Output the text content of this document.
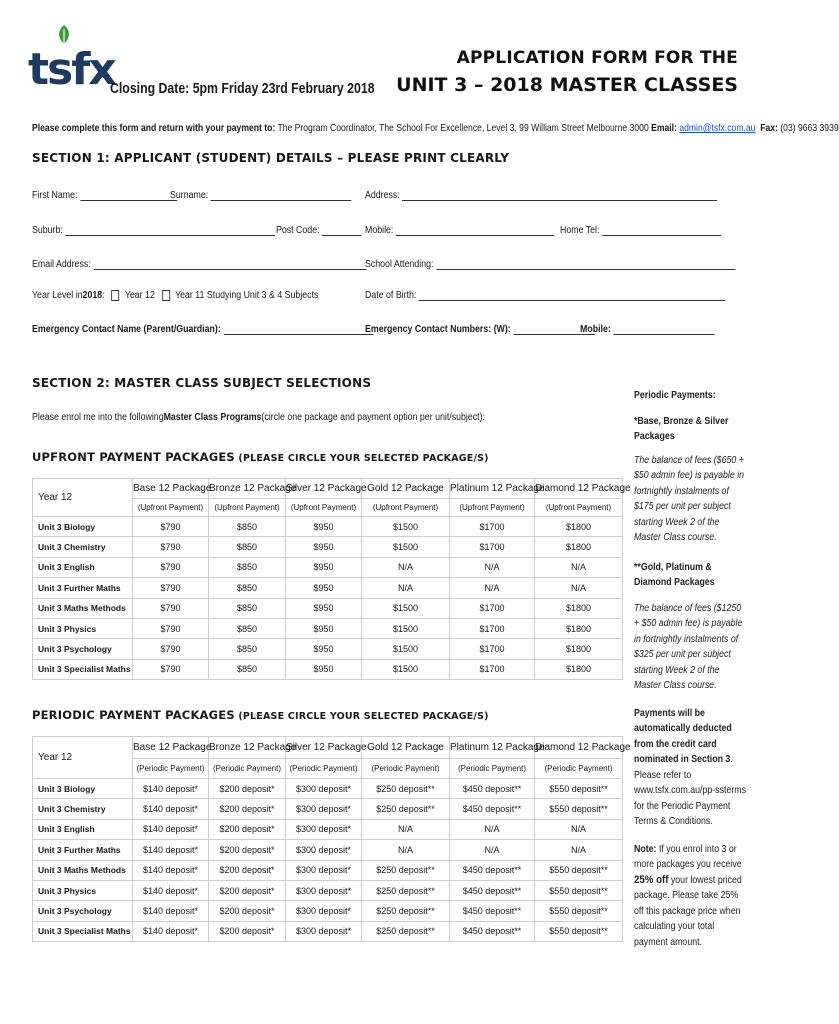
tsfx
Closing Date: 5pm Friday 23rd February 2018
APPLICATION FORM FOR THE
UNIT 3 – 2018 MASTER CLASSES
Please complete this form and return with your payment to: The Program Coordinator, The School For Excellence, Level 3, 99 William Street Melbourne 3000 Email: admin@tsfx.com.au Fax: (03) 9663 3939
SECTION 1: APPLICANT (STUDENT) DETAILS – PLEASE PRINT CLEARLY
First Name:	Surname:	Address:
Suburb:	Post Code:	Mobile:	Home Tel:
Email Address:	School Attending:
Year Level in 2018 : Year 12 Year 11 Studying Unit 3 & 4 Subjects	Date of Birth:
Emergency Contact Name (Parent/Guardian):	Emergency Contact Numbers: (W):	Mobile:
SECTION 2: MASTER CLASS SUBJECT SELECTIONS
Please enrol me into the following Master Class Programs (circle one package and payment option per unit/subject):
UPFRONT PAYMENT PACKAGES (PLEASE CIRCLE YOUR SELECTED PACKAGE/S)
Year 12	Base 12 Package	Bronze 12 Package	Silver 12 Package	Gold 12 Package	Platinum 12 Package	Diamond 12 Package
	(Upfront Payment)	(Upfront Payment)	(Upfront Payment)	(Upfront Payment)	(Upfront Payment)	(Upfront Payment)
Unit 3 Biology	$790	$850	$950	$1500	$1700	$1800
Unit 3 Chemistry	$790	$850	$950	$1500	$1700	$1800
Unit 3 English	$790	$850	$950	N/A	N/A	N/A
Unit 3 Further Maths	$790	$850	$950	N/A	N/A	N/A
Unit 3 Maths Methods	$790	$850	$950	$1500	$1700	$1800
Unit 3 Physics	$790	$850	$950	$1500	$1700	$1800
Unit 3 Psychology	$790	$850	$950	$1500	$1700	$1800
Unit 3 Specialist Maths	$790	$850	$950	$1500	$1700	$1800
PERIODIC PAYMENT PACKAGES (PLEASE CIRCLE YOUR SELECTED PACKAGE/S)
Year 12	Base 12 Package	Bronze 12 Package	Silver 12 Package	Gold 12 Package	Platinum 12 Package	Diamond 12 Package
	(Periodic Payment)	(Periodic Payment)	(Periodic Payment)	(Periodic Payment)	(Periodic Payment)	(Periodic Payment)
Unit 3 Biology	$140 deposit*	$200 deposit*	$300 deposit*	$250 deposit**	$450 deposit**	$550 deposit**
Unit 3 Chemistry	$140 deposit*	$200 deposit*	$300 deposit*	$250 deposit**	$450 deposit**	$550 deposit**
Unit 3 English	$140 deposit*	$200 deposit*	$300 deposit*	N/A	N/A	N/A
Unit 3 Further Maths	$140 deposit*	$200 deposit*	$300 deposit*	N/A	N/A	N/A
Unit 3 Maths Methods	$140 deposit*	$200 deposit*	$300 deposit*	$250 deposit**	$450 deposit**	$550 deposit**
Unit 3 Physics	$140 deposit*	$200 deposit*	$300 deposit*	$250 deposit**	$450 deposit**	$550 deposit**
Unit 3 Psychology	$140 deposit*	$200 deposit*	$300 deposit*	$250 deposit**	$450 deposit**	$550 deposit**
Unit 3 Specialist Maths	$140 deposit*	$200 deposit*	$300 deposit*	$250 deposit**	$450 deposit**	$550 deposit**
Periodic Payments:
*Base, Bronze & Silver Packages
The balance of fees ($650 + $50 admin fee) is payable in fortnightly instalments of $175 per unit per subject starting Week 2 of the Master Class course.
**Gold, Platinum & Diamond Packages
The balance of fees ($1250 + $50 admin fee) is payable in fortnightly instalments of $325 per unit per subject starting Week 2 of the Master Class course.
Payments will be automatically deducted from the credit card nominated in Section 3. Please refer to www.tsfx.com.au/pp-ssterms for the Periodic Payment Terms & Conditions.
Note: If you enrol into 3 or more packages you receive 25% off your lowest priced package. Please take 25% off this package price when calculating your total payment amount.
